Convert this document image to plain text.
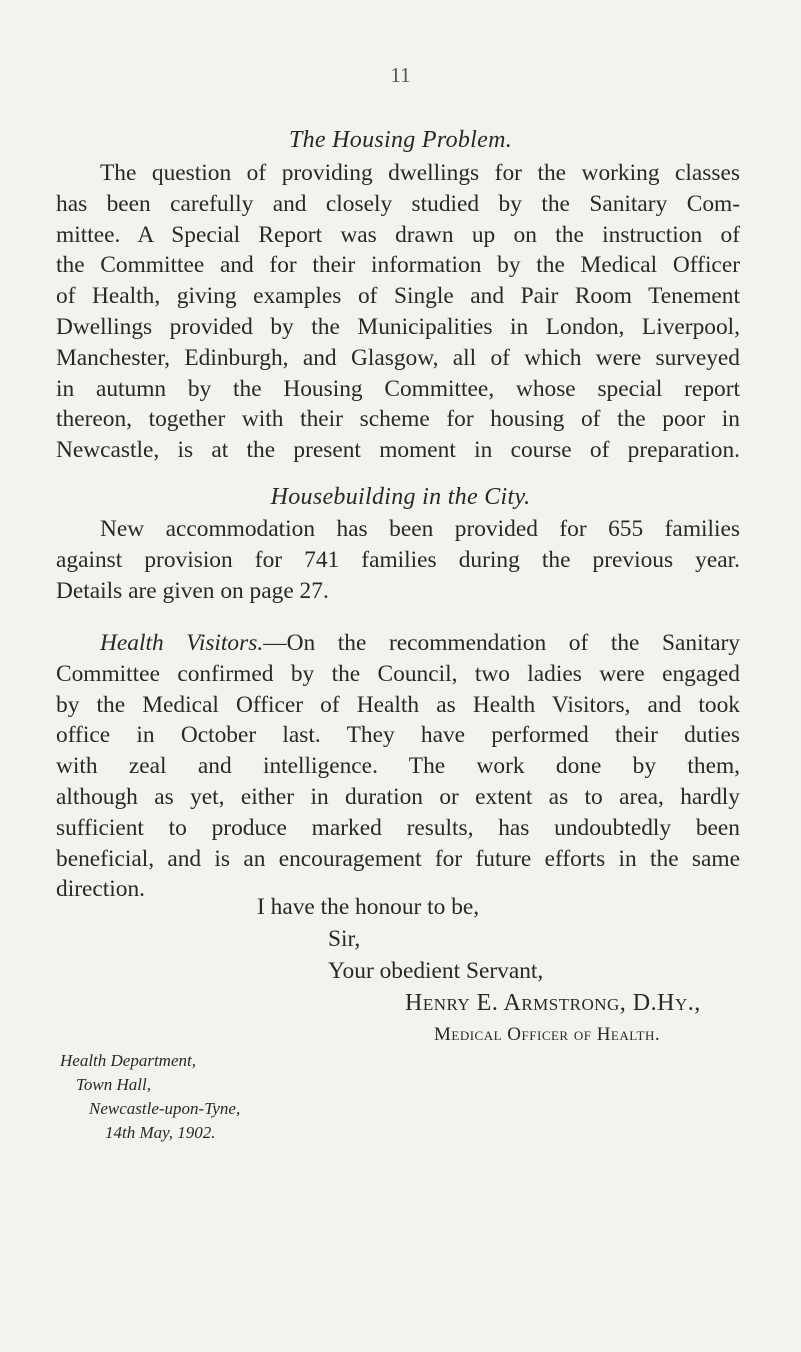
11
The Housing Problem.
The question of providing dwellings for the working classes
has been carefully and closely studied by the Sanitary Com-
mittee. A Special Report was drawn up on the instruction of
the Committee and for their information by the Medical Officer
of Health, giving examples of Single and Pair Room Tenement
Dwellings provided by the Municipalities in London, Liverpool,
Manchester, Edinburgh, and Glasgow, all of which were surveyed
in autumn by the Housing Committee, whose special report
thereon, together with their scheme for housing of the poor in
Newcastle, is at the present moment in course of preparation.
Housebuilding in the City.
New accommodation has been provided for 655 families
against provision for 741 families during the previous year.
Details are given on page 27.
Health Visitors.—On the recommendation of the Sanitary
Committee confirmed by the Council, two ladies were engaged
by the Medical Officer of Health as Health Visitors, and took
office in October last. They have performed their duties
with zeal and intelligence. The work done by them,
although as yet, either in duration or extent as to area, hardly
sufficient to produce marked results, has undoubtedly been
beneficial, and is an encouragement for future efforts in the same
direction.
I have the honour to be,
Sir,
Your obedient Servant,
Henry E. Armstrong, D.Hy.,
Medical Officer of Health.
Health Department,
Town Hall,
Newcastle-upon-Tyne,
14th May, 1902.
